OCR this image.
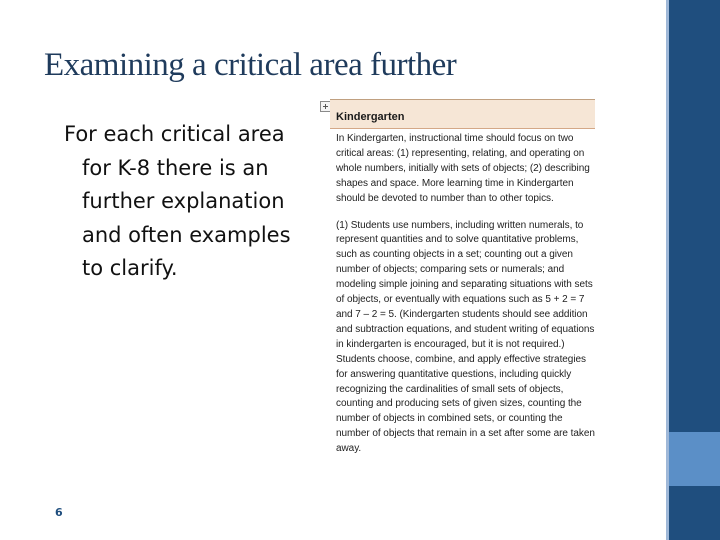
Examining a critical area further
For each critical area for K-8 there is an further explanation and often examples to clarify.
6
Kindergarten

In Kindergarten, instructional time should focus on two critical areas: (1) representing, relating, and operating on whole numbers, initially with sets of objects; (2) describing shapes and space. More learning time in Kindergarten should be devoted to number than to other topics.

(1) Students use numbers, including written numerals, to represent quantities and to solve quantitative problems, such as counting objects in a set; counting out a given number of objects; comparing sets or numerals; and modeling simple joining and separating situations with sets of objects, or eventually with equations such as 5 + 2 = 7 and 7 – 2 = 5. (Kindergarten students should see addition and subtraction equations, and student writing of equations in kindergarten is encouraged, but it is not required.) Students choose, combine, and apply effective strategies for answering quantitative questions, including quickly recognizing the cardinalities of small sets of objects, counting and producing sets of given sizes, counting the number of objects in combined sets, or counting the number of objects that remain in a set after some are taken away.
